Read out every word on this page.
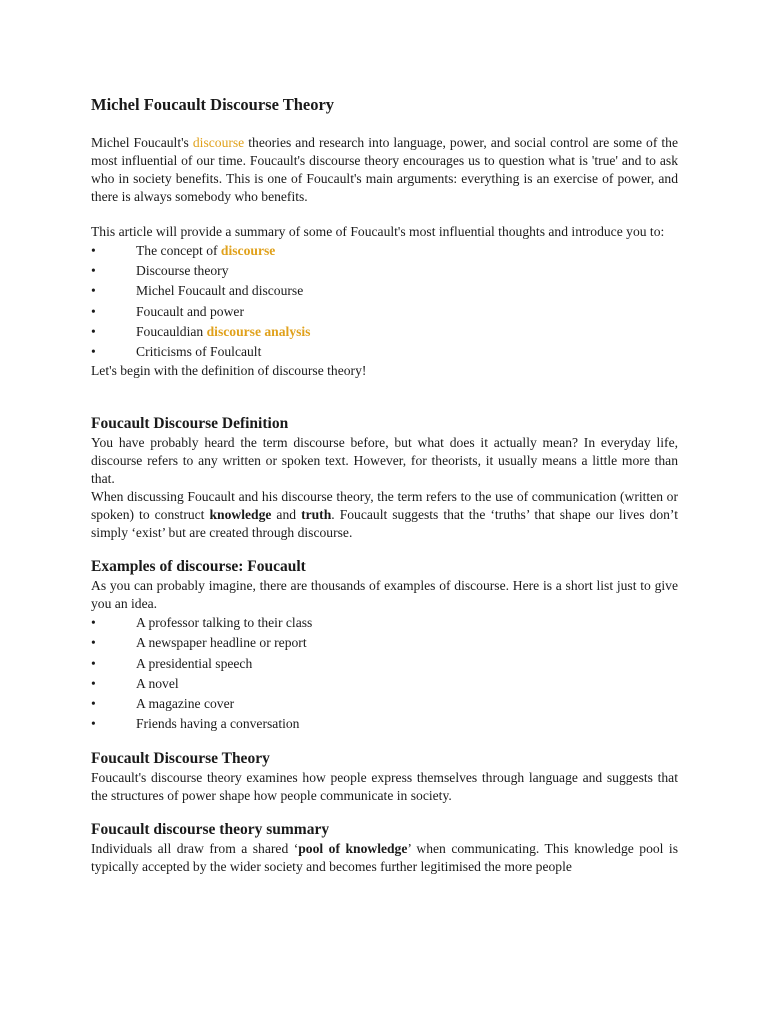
Michel Foucault Discourse Theory

Michel Foucault's discourse theories and research into language, power, and social control are some of the most influential of our time. Foucault's discourse theory encourages us to question what is 'true' and to ask who in society benefits. This is one of Foucault's main arguments: everything is an exercise of power, and there is always somebody who benefits.

This article will provide a summary of some of Foucault's most influential thoughts and introduce you to:

•	The concept of discourse
•	Discourse theory
•	Michel Foucault and discourse
•	Foucault and power
•	Foucauldian discourse analysis
•	Criticisms of Foulcault

Let's begin with the definition of discourse theory!

Foucault Discourse Definition

You have probably heard the term discourse before, but what does it actually mean? In everyday life, discourse refers to any written or spoken text. However, for theorists, it usually means a little more than that.

When discussing Foucault and his discourse theory, the term refers to the use of communication (written or spoken) to construct knowledge and truth. Foucault suggests that the ‘truths’ that shape our lives don’t simply ‘exist’ but are created through discourse.

Examples of discourse: Foucault

As you can probably imagine, there are thousands of examples of discourse. Here is a short list just to give you an idea.

•	A professor talking to their class
•	A newspaper headline or report
•	A presidential speech
•	A novel
•	A magazine cover
•	Friends having a conversation
Foucault Discourse Theory

Foucault's discourse theory examines how people express themselves through language and suggests that the structures of power shape how people communicate in society.

Foucault discourse theory summary

Individuals all draw from a shared ‘pool of knowledge’ when communicating. This knowledge pool is typically accepted by the wider society and becomes further legitimised the more people
